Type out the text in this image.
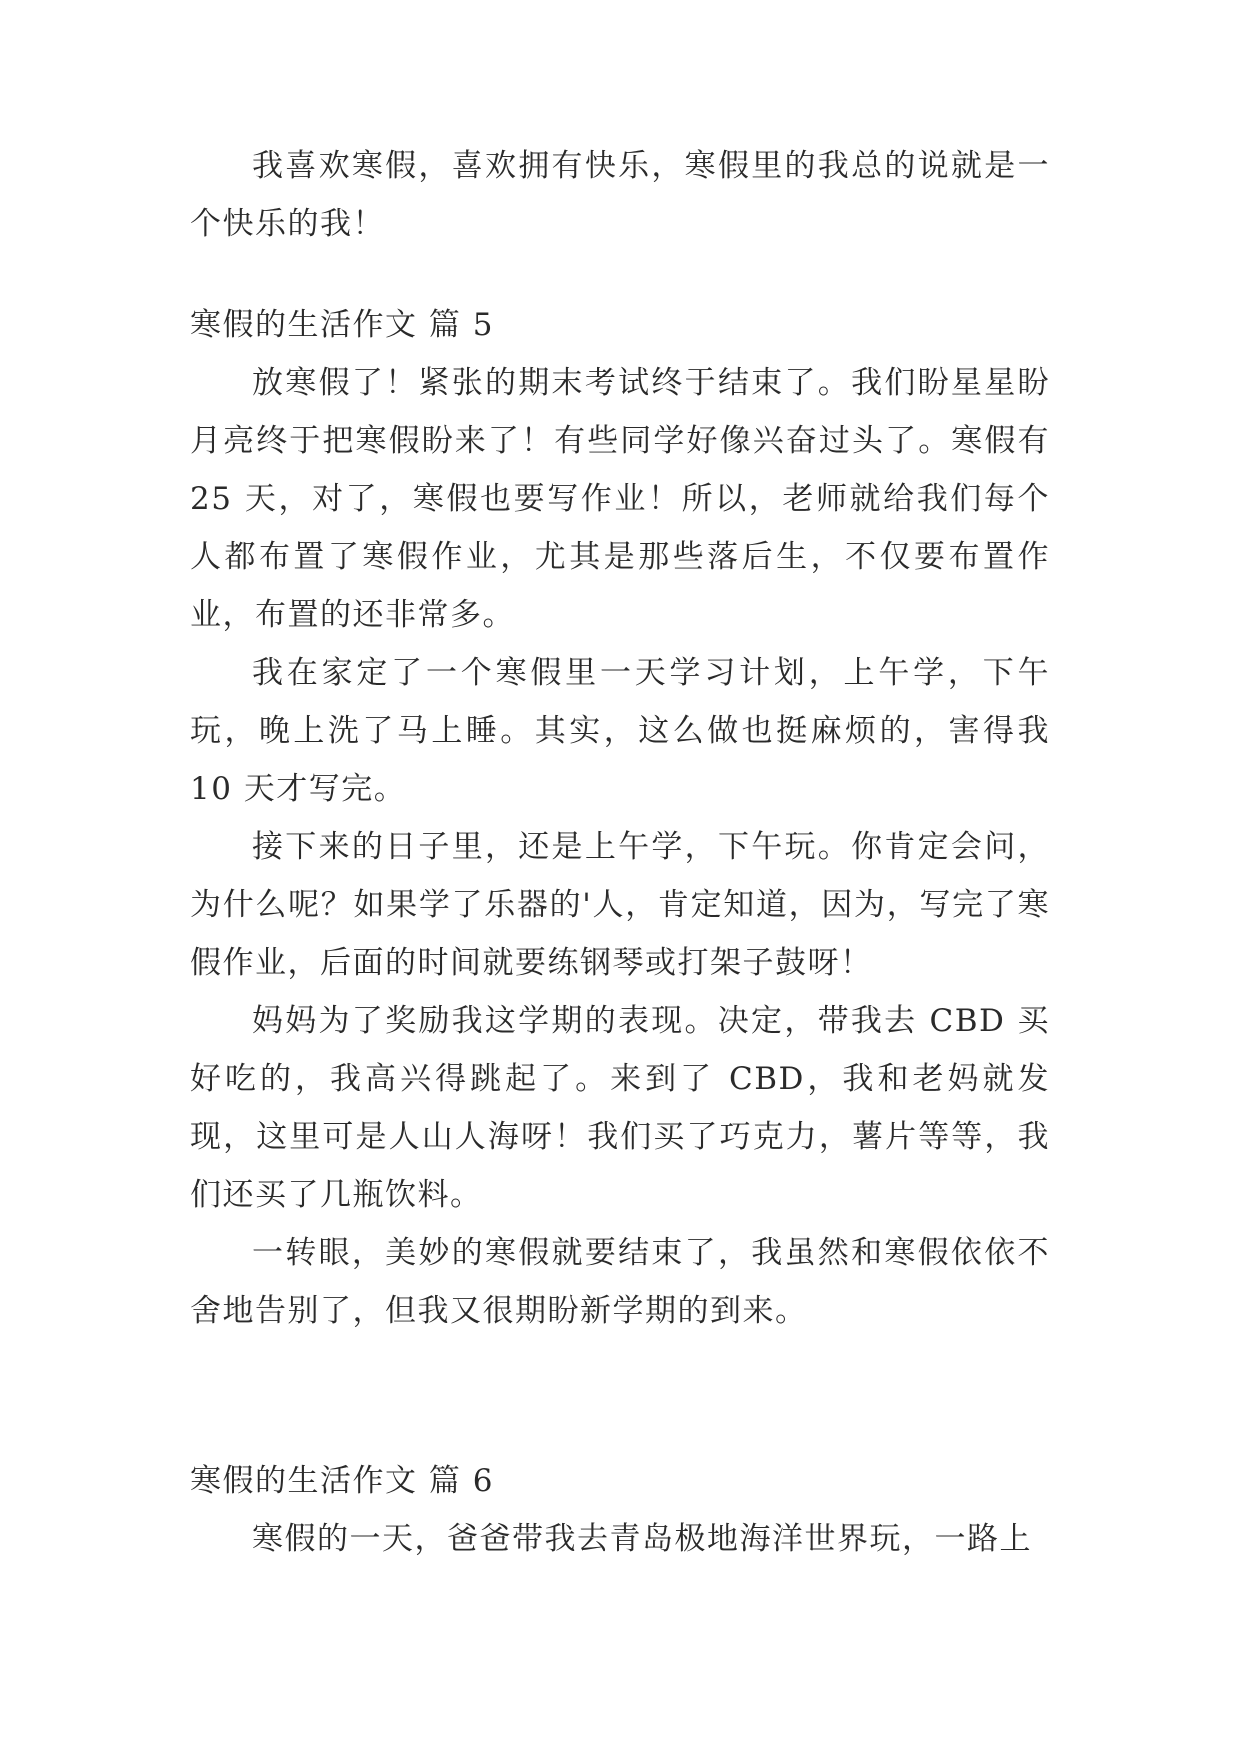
我喜欢寒假，喜欢拥有快乐，寒假里的我总的说就是一个快乐的我！

寒假的生活作文 篇 5

放寒假了！紧张的期末考试终于结束了。我们盼星星盼月亮终于把寒假盼来了！有些同学好像兴奋过头了。寒假有 25 天，对了，寒假也要写作业！所以，老师就给我们每个人都布置了寒假作业，尤其是那些落后生，不仅要布置作业，布置的还非常多。

我在家定了一个寒假里一天学习计划，上午学，下午玩，晚上洗了马上睡。其实，这么做也挺麻烦的，害得我 10 天才写完。

接下来的日子里，还是上午学，下午玩。你肯定会问，为什么呢？如果学了乐器的'人，肯定知道，因为，写完了寒假作业，后面的时间就要练钢琴或打架子鼓呀！

妈妈为了奖励我这学期的表现。决定，带我去 CBD 买好吃的，我高兴得跳起了。来到了 CBD，我和老妈就发现，这里可是人山人海呀！我们买了巧克力，薯片等等，我们还买了几瓶饮料。

一转眼，美妙的寒假就要结束了，我虽然和寒假依依不舍地告别了，但我又很期盼新学期的到来。

寒假的生活作文 篇 6

寒假的一天，爸爸带我去青岛极地海洋世界玩，一路上
